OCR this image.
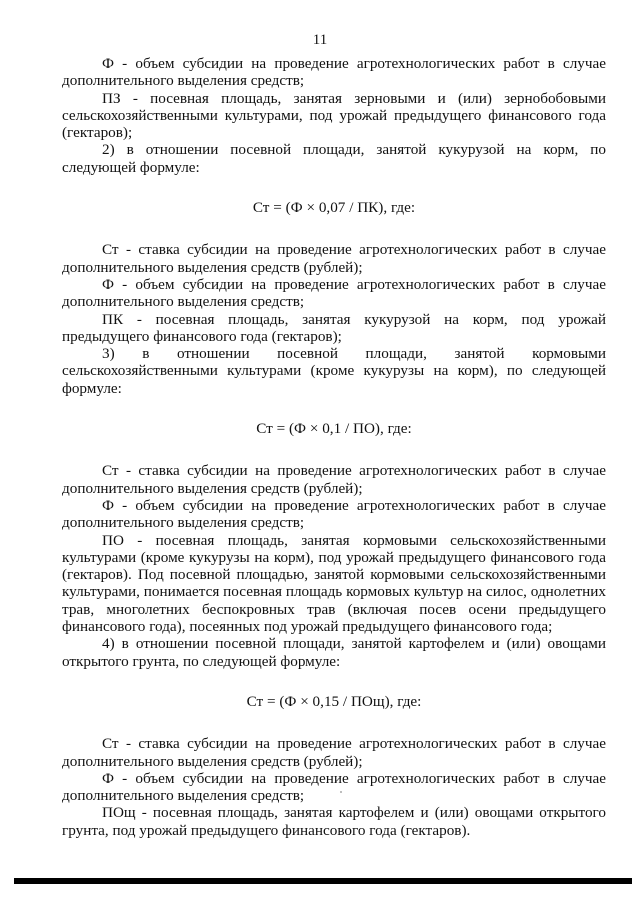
11

Ф - объем субсидии на проведение агротехнологических работ в случае дополнительного выделения средств;

ПЗ - посевная площадь, занятая зерновыми и (или) зернобобовыми сельскохозяйственными культурами, под урожай предыдущего финансового года (гектаров);

2) в отношении посевной площади, занятой кукурузой на корм, по следующей формуле:

Ст = (Ф × 0,07 / ПК), где:

Ст - ставка субсидии на проведение агротехнологических работ в случае дополнительного выделения средств (рублей);

Ф - объем субсидии на проведение агротехнологических работ в случае дополнительного выделения средств;

ПК - посевная площадь, занятая кукурузой на корм, под урожай предыдущего финансового года (гектаров);

3) в отношении посевной площади, занятой кормовыми сельскохозяйственными культурами (кроме кукурузы на корм), по следующей формуле:

Ст = (Ф × 0,1 / ПО), где:

Ст - ставка субсидии на проведение агротехнологических работ в случае дополнительного выделения средств (рублей);

Ф - объем субсидии на проведение агротехнологических работ в случае дополнительного выделения средств;

ПО - посевная площадь, занятая кормовыми сельскохозяйственными культурами (кроме кукурузы на корм), под урожай предыдущего финансового года (гектаров). Под посевной площадью, занятой кормовыми сельскохозяйственными культурами, понимается посевная площадь кормовых культур на силос, однолетних трав, многолетних беспокровных трав (включая посев осени предыдущего финансового года), посеянных под урожай предыдущего финансового года;

4) в отношении посевной площади, занятой картофелем и (или) овощами открытого грунта, по следующей формуле:

Ст = (Ф × 0,15 / ПОщ), где:

Ст - ставка субсидии на проведение агротехнологических работ в случае дополнительного выделения средств (рублей);

Ф - объем субсидии на проведение агротехнологических работ в случае дополнительного выделения средств;

ПОщ - посевная площадь, занятая картофелем и (или) овощами открытого грунта, под урожай предыдущего финансового года (гектаров).
